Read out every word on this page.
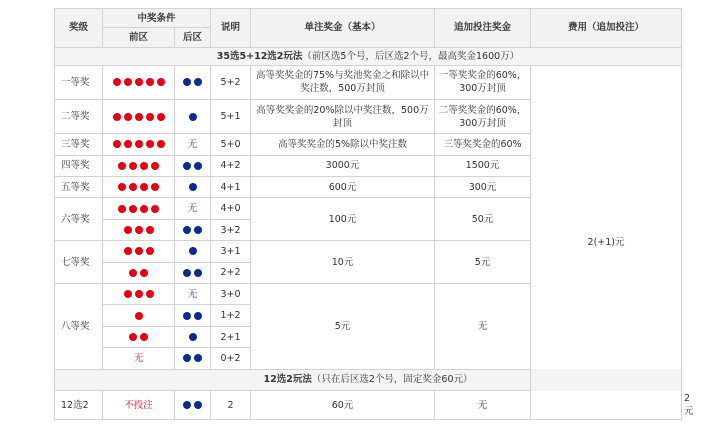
奖级	中奖条件		说明	单注奖金（基本）	追加投注奖金	费用（追加投注）	
	前区	后区					
35选5+12选2玩法（前区选5个号，后区选2个号，最高奖金1600万）							
一等奖			5+2	高等奖奖金的75%与奖池奖金之和除以中奖注数，500万封顶	一等奖奖金的60%，300万封顶	2(+1)元	
二等奖			5+1	高等奖奖金的20%除以中奖注数，500万封顶	二等奖奖金的60%，300万封顶		
三等奖		无	5+0	高等奖奖金的5%除以中奖注数	三等奖奖金的60%		
四等奖			4+2	3000元	1500元		
五等奖			4+1	600元	300元		
六等奖		无	4+0	100元	50元		
			3+2				
七等奖			3+1	10元	5元		
			2+2				
八等奖		无	3+0	5元	无		
			1+2				
			2+1				
	无		0+2				
12选2玩法（只在后区选2个号，固定奖金60元）							
12选2	不投注		2	60元	无		2元
